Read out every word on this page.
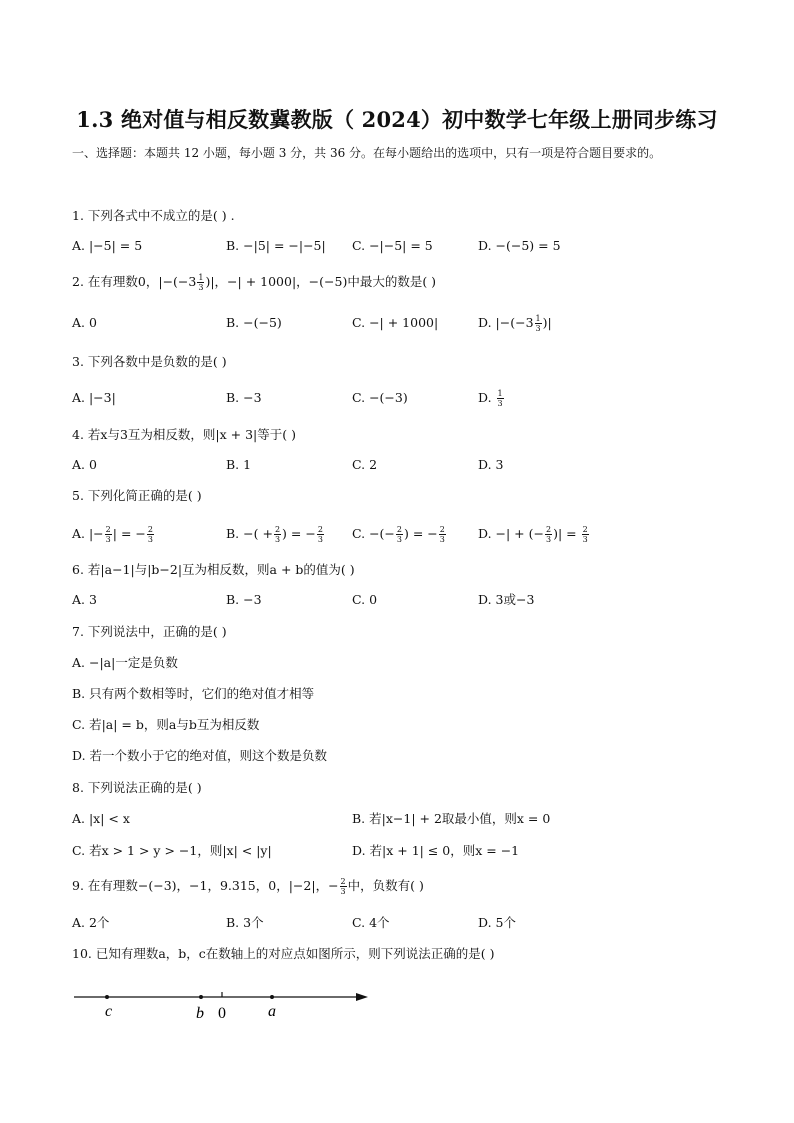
1.3 绝对值与相反数冀教版（ 2024）初中数学七年级上册同步练习
一、选择题：本题共 12 小题，每小题 3 分，共 36 分。在每小题给出的选项中，只有一项是符合题目要求的。
1. 下列各式中不成立的是( ) .
A. |−5| = 5	B. −|5| = −|−5| C. −|−5| = 5	D. −(−5) = 5
2. 在有理数0，$|-(-3 \frac{1}{3}$ )|，−| + 1000|，−(−5)中最大的数是( )
A. 0	B. −(−5)	C. −| + 1000|	D. $|-(-3 \frac{1}{3}$ )|
3. 下列各数中是负数的是( )
A. |−3|	B. −3	C. −(−3)	D. $\frac{1}{3}$
4. 若x与3互为相反数，则|x + 3|等于( )
A. 0	B. 1	C. 2	D. 3
5. 下列化简正确的是( )
A. |− $\frac{2}{3}$ | = − $\frac{2}{3}$	B. −( + $\frac{2}{3}$ ) = − $\frac{2}{3} C$. −(− $\frac{2}{3}$ ) = − $\frac{2}{3}$	D. −| + (− $\frac{2}{3}$ )| = $\frac{2}{3}$
6. 若|a−1|与|b−2|互为相反数，则a + b的值为( )
A. 3	B. −3	C. 0	D. 3或−3
7. 下列说法中，正确的是( )
A. −|a|一定是负数
B. 只有两个数相等时，它们的绝对值才相等
C. 若|a| = b，则a与b互为相反数
D. 若一个数小于它的绝对值，则这个数是负数
8. 下列说法正确的是( )
A. |x| < x	B. 若|x−1| + 2取最小值，则x = 0
C. 若x > 1 > y > −1，则|x| < |y|	D. 若|x + 1| ≤ 0，则x = −1
9. 在有理数−(−3)，−1，9.315，0，|−2|，− $\frac{2}{3}$ 中，负数有( )
A. 2个	B. 3个	C. 4个	D. 5个
10. 已知有理数a，b，c在数轴上的对应点如图所示，则下列说法正确的是( )
c	b 0	a
